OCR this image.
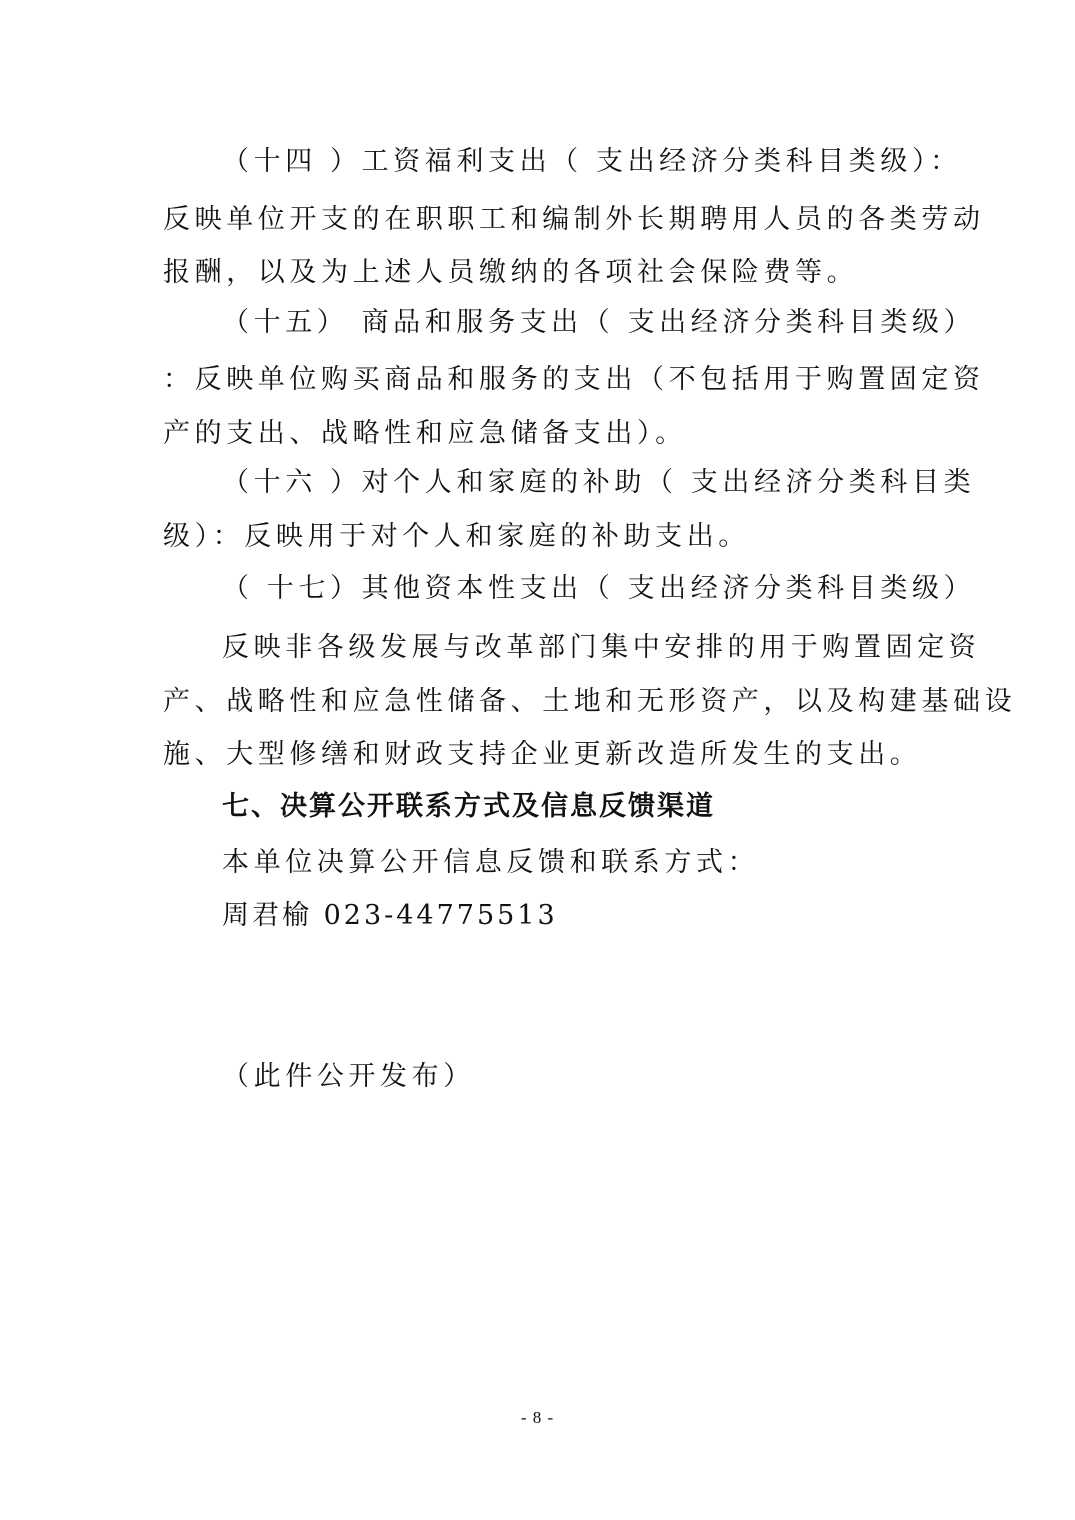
（十四 ）工资福利支出（ 支出经济分类科目类级）：
反映单位开支的在职职工和编制外长期聘用人员的各类劳动
报酬，以及为上述人员缴纳的各项社会保险费等。
（十五） 商品和服务支出（ 支出经济分类科目类级）
：反映单位购买商品和服务的支出（不包括用于购置固定资
产的支出、战略性和应急储备支出）。
（十六 ）对个人和家庭的补助（ 支出经济分类科目类
级）：反映用于对个人和家庭的补助支出。
（ 十七）其他资本性支出（ 支出经济分类科目类级）
反映非各级发展与改革部门集中安排的用于购置固定资
产、战略性和应急性储备、土地和无形资产，以及构建基础设
施、大型修缮和财政支持企业更新改造所发生的支出。
七、决算公开联系方式及信息反馈渠道
本单位决算公开信息反馈和联系方式：
周君榆 023-44775513
（此件公开发布）
- 8 -
